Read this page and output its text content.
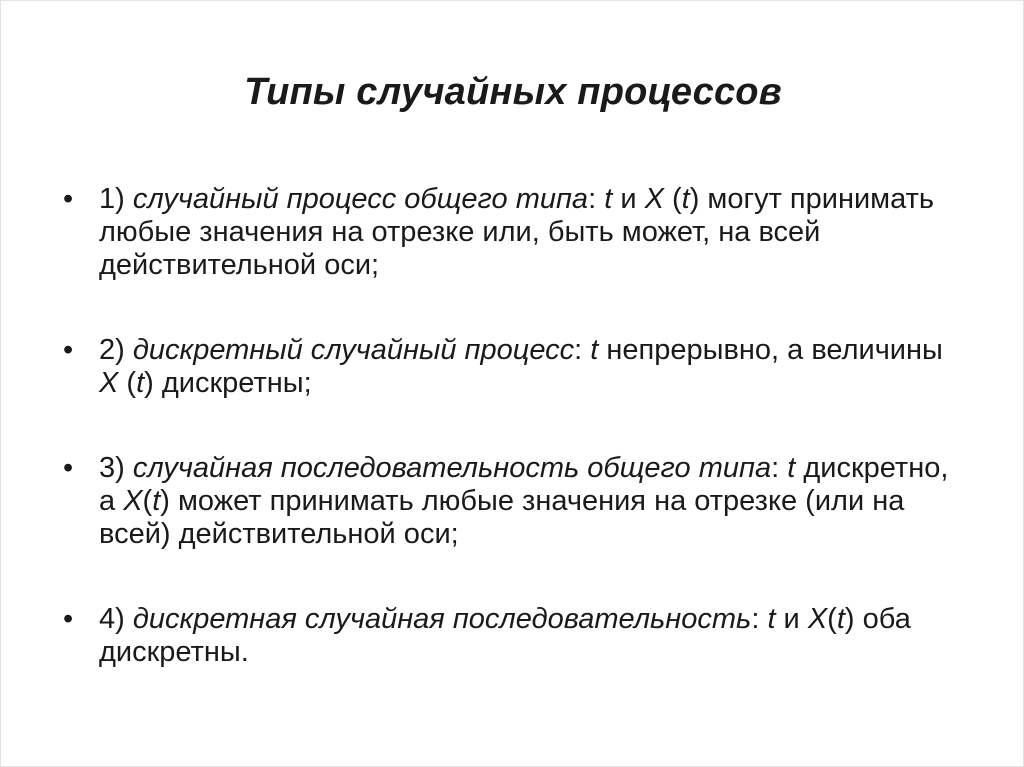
Типы случайных процессов
• 1) случайный процесс общего типа: t и X (t) могут принимать любые значения на отрезке или, быть может, на всей действительной оси;
• 2) дискретный случайный процесс: t непрерывно, а величины X (t) дискретны;
• 3) случайная последовательность общего типа: t дискретно, а X(t) может принимать любые значения на отрезке (или на всей) действительной оси;
• 4) дискретная случайная последовательность: t и X(t) оба дискретны.
